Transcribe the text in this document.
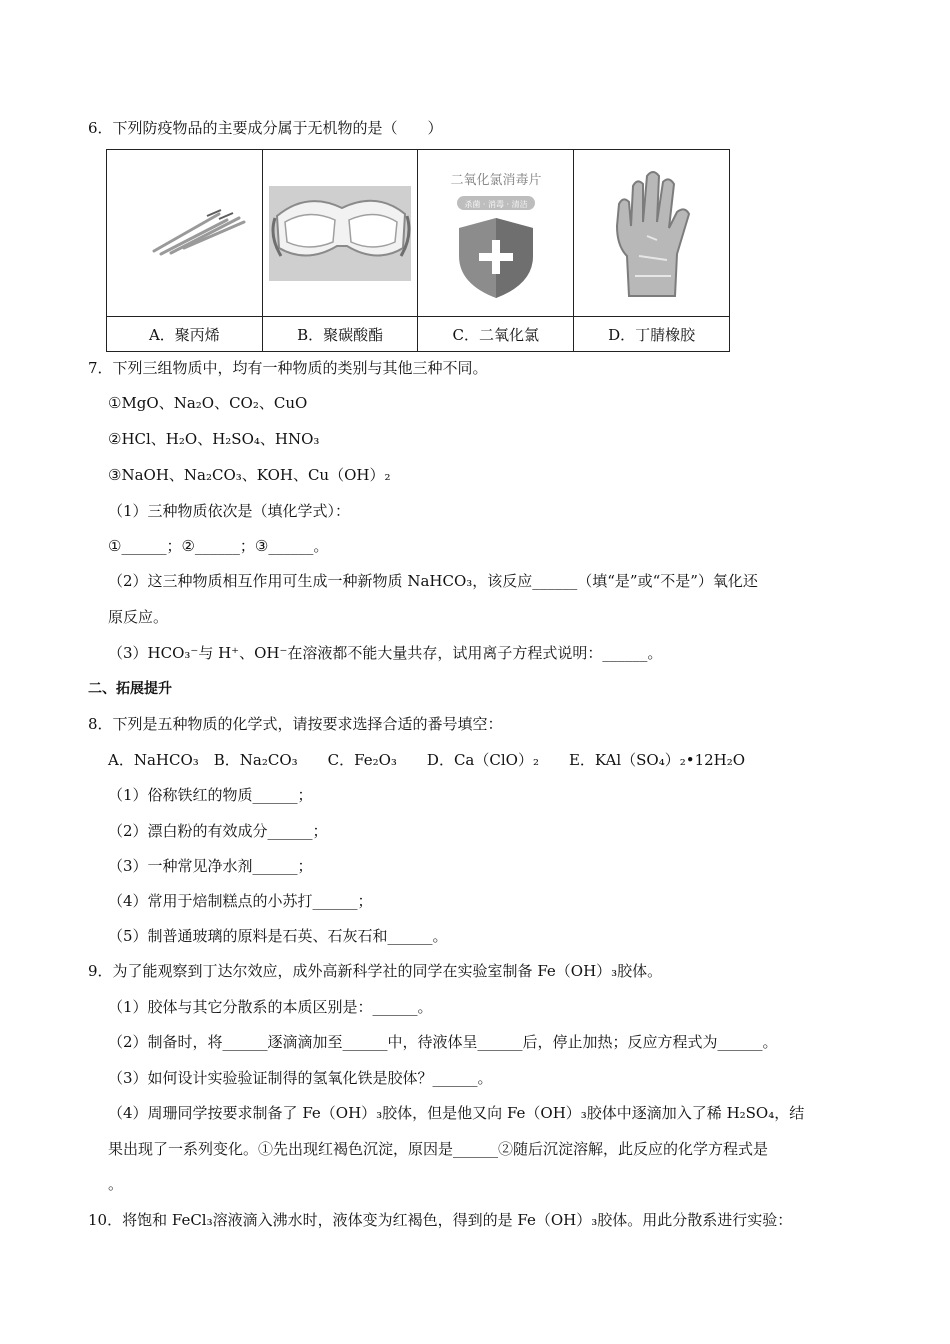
6．下列防疫物品的主要成分属于无机物的是（　　）

二氧化氯消毒片
杀菌 · 消毒 · 清洁

A．聚丙烯	B．聚碳酸酯	C．二氧化氯	D．丁腈橡胶
7．下列三组物质中，均有一种物质的类别与其他三种不同。
①MgO、Na₂O、CO₂、CuO
②HCl、H₂O、H₂SO₄、HNO₃
③NaOH、Na₂CO₃、KOH、Cu（OH）₂
（1）三种物质依次是（填化学式）：
①______；②______；③______。
（2）这三种物质相互作用可生成一种新物质 NaHCO₃，该反应______（填“是”或“不是”）氧化还
原反应。
（3）HCO₃⁻与 H⁺、OH⁻在溶液都不能大量共存，试用离子方程式说明：______。
二、拓展提升
8．下列是五种物质的化学式，请按要求选择合适的番号填空：
A．NaHCO₃　B．Na₂CO₃　　C．Fe₂O₃　　D．Ca（ClO）₂　　E．KAl（SO₄）₂•12H₂O
（1）俗称铁红的物质______；
（2）漂白粉的有效成分______；
（3）一种常见净水剂______；
（4）常用于焙制糕点的小苏打______；
（5）制普通玻璃的原料是石英、石灰石和______。
9．为了能观察到丁达尔效应，成外高新科学社的同学在实验室制备 Fe（OH）₃胶体。
（1）胶体与其它分散系的本质区别是：______。
（2）制备时，将______逐滴滴加至______中，待液体呈______后，停止加热；反应方程式为______。
（3）如何设计实验验证制得的氢氧化铁是胶体？______。
（4）周珊同学按要求制备了 Fe（OH）₃胶体，但是他又向 Fe（OH）₃胶体中逐滴加入了稀 H₂SO₄，结
果出现了一系列变化。①先出现红褐色沉淀，原因是______②随后沉淀溶解，此反应的化学方程式是
。
10．将饱和 FeCl₃溶液滴入沸水时，液体变为红褐色，得到的是 Fe（OH）₃胶体。用此分散系进行实验：
